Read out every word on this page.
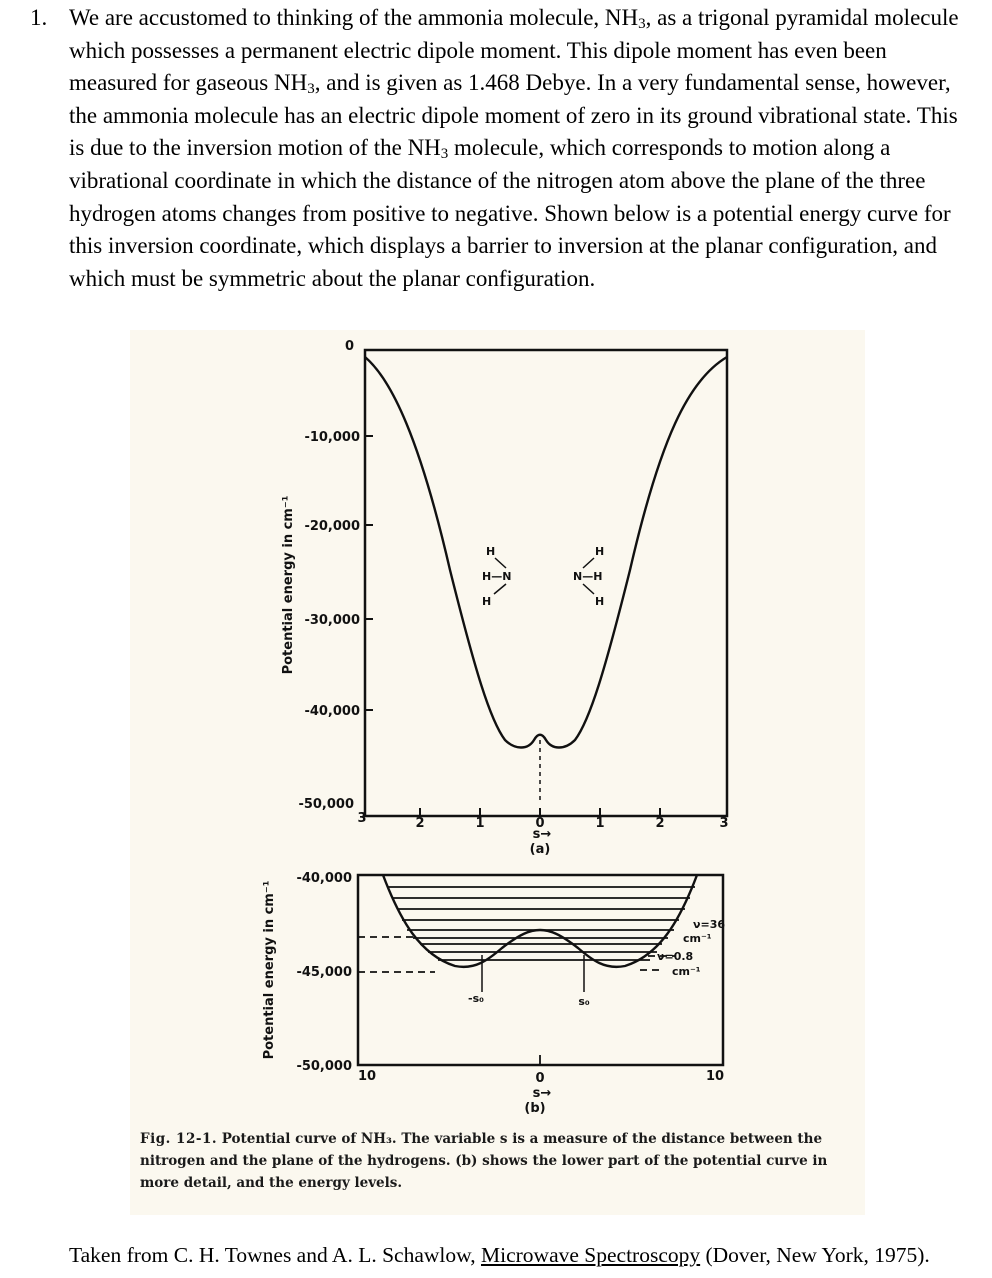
1. We are accustomed to thinking of the ammonia molecule, $NH_3$, as a trigonal pyramidal molecule which possesses a permanent electric dipole moment. This dipole moment has even been measured for gaseous $NH_3$, and is given as 1.468 Debye. In a very fundamental sense, however, the ammonia molecule has an electric dipole moment of zero in its ground vibrational state. This is due to the inversion motion of the $NH_3$ molecule, which corresponds to motion along a vibrational coordinate in which the distance of the nitrogen atom above the plane of the three hydrogen atoms changes from positive to negative. Shown below is a potential energy curve for this inversion coordinate, which displays a barrier to inversion at the planar configuration, and which must be symmetric about the planar configuration.
0
-10,000
-20,000
-30,000
-40,000
-50,000
Potential energy in cm⁻¹
3	2	1	0	1	2	3
s→
(a)
H
H—N
H
H
N—H
H
-s₀	s₀
-40,000
-45,000
-50,000
Potential energy in cm⁻¹
10	0	10
s→
(b)
ν=36
cm⁻¹
ν=0.8
cm⁻¹
Fig. 12-1. Potential curve of NH₃. The variable s is a measure of the distance between the nitrogen and the plane of the hydrogens. (b) shows the lower part of the potential curve in more detail, and the energy levels.
Taken from C. H. Townes and A. L. Schawlow, Microwave Spectroscopy (Dover, New York, 1975).
